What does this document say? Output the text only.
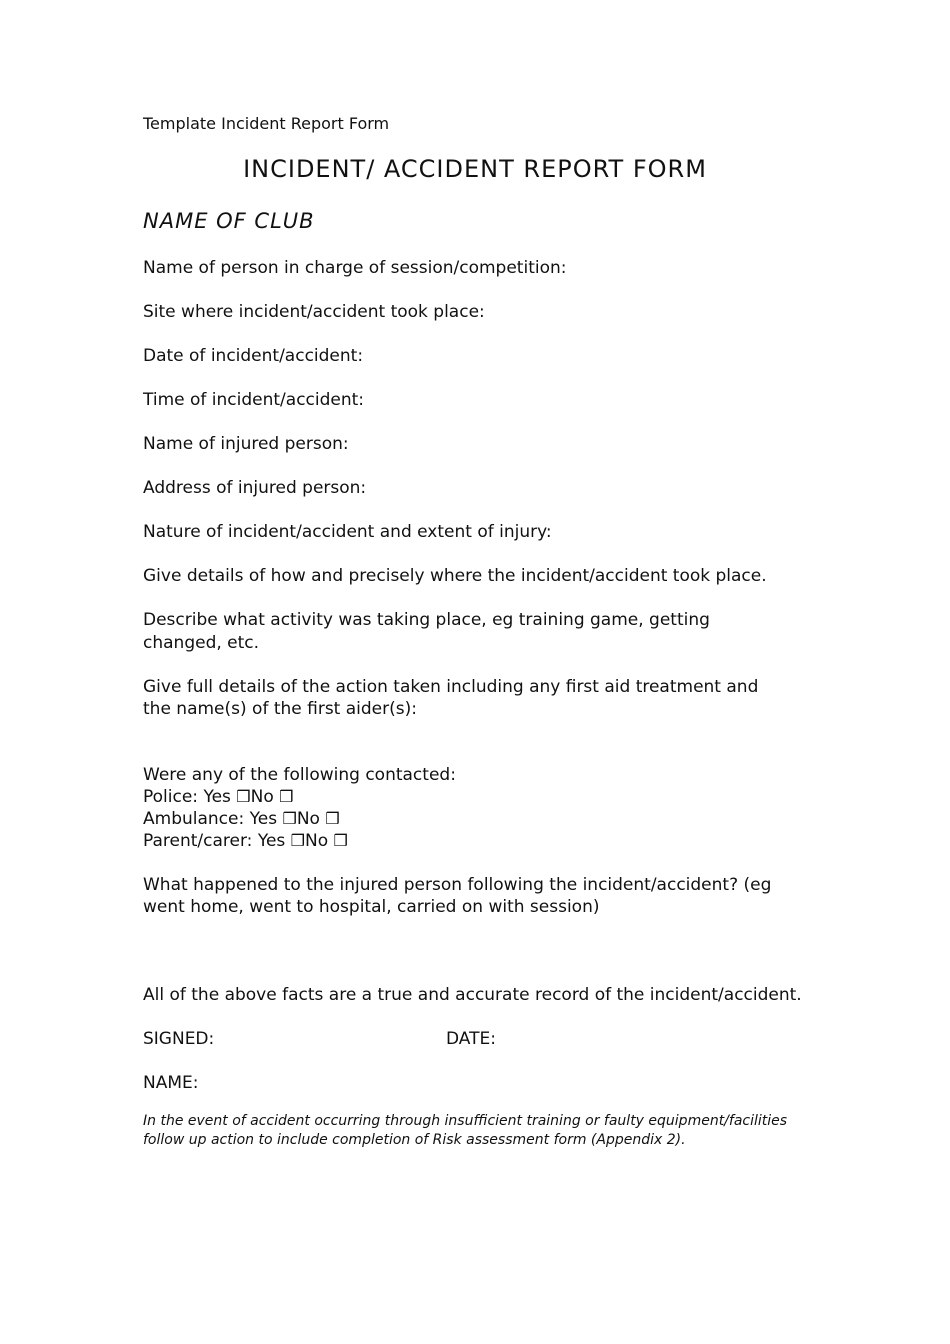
Template Incident Report Form
INCIDENT/ ACCIDENT REPORT FORM
NAME OF CLUB
Name of person in charge of session/competition:
Site where incident/accident took place:
Date of incident/accident:
Time of incident/accident:
Name of injured person:
Address of injured person:
Nature of incident/accident and extent of injury:
Give details of how and precisely where the incident/accident took place.
Describe what activity was taking place, eg training game, getting
changed, etc.
Give full details of the action taken including any first aid treatment and
the name(s) of the first aider(s):
Were any of the following contacted:
Police: Yes ❒No ❒
Ambulance: Yes ❒No ❒
Parent/carer: Yes ❒No ❒
What happened to the injured person following the incident/accident? (eg
went home, went to hospital, carried on with session)
All of the above facts are a true and accurate record of the incident/accident.
SIGNED:	DATE:
NAME:
In the event of accident occurring through insufficient training or faulty equipment/facilities
follow up action to include completion of Risk assessment form (Appendix 2).
